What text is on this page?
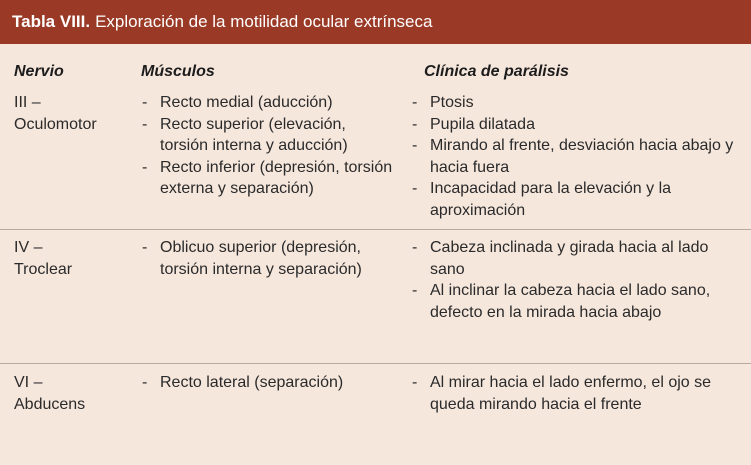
Tabla VIII. Exploración de la motilidad ocular extrínseca
Nervio	Músculos	Clínica de parálisis
III –
Oculomotor
- Recto medial (aducción)
- Recto superior (elevación, torsión interna y aducción)
- Recto inferior (depresión, torsión externa y separación)
- Ptosis
- Pupila dilatada
- Mirando al frente, desviación hacia abajo y hacia fuera
- Incapacidad para la elevación y la aproximación
IV –
Troclear
- Oblicuo superior (depresión, torsión interna y separación)
- Cabeza inclinada y girada hacia al lado sano
- Al inclinar la cabeza hacia el lado sano, defecto en la mirada hacia abajo
VI –
Abducens
- Recto lateral (separación)
-	Al mirar hacia el lado enfermo, el ojo se queda mirando hacia el frente
